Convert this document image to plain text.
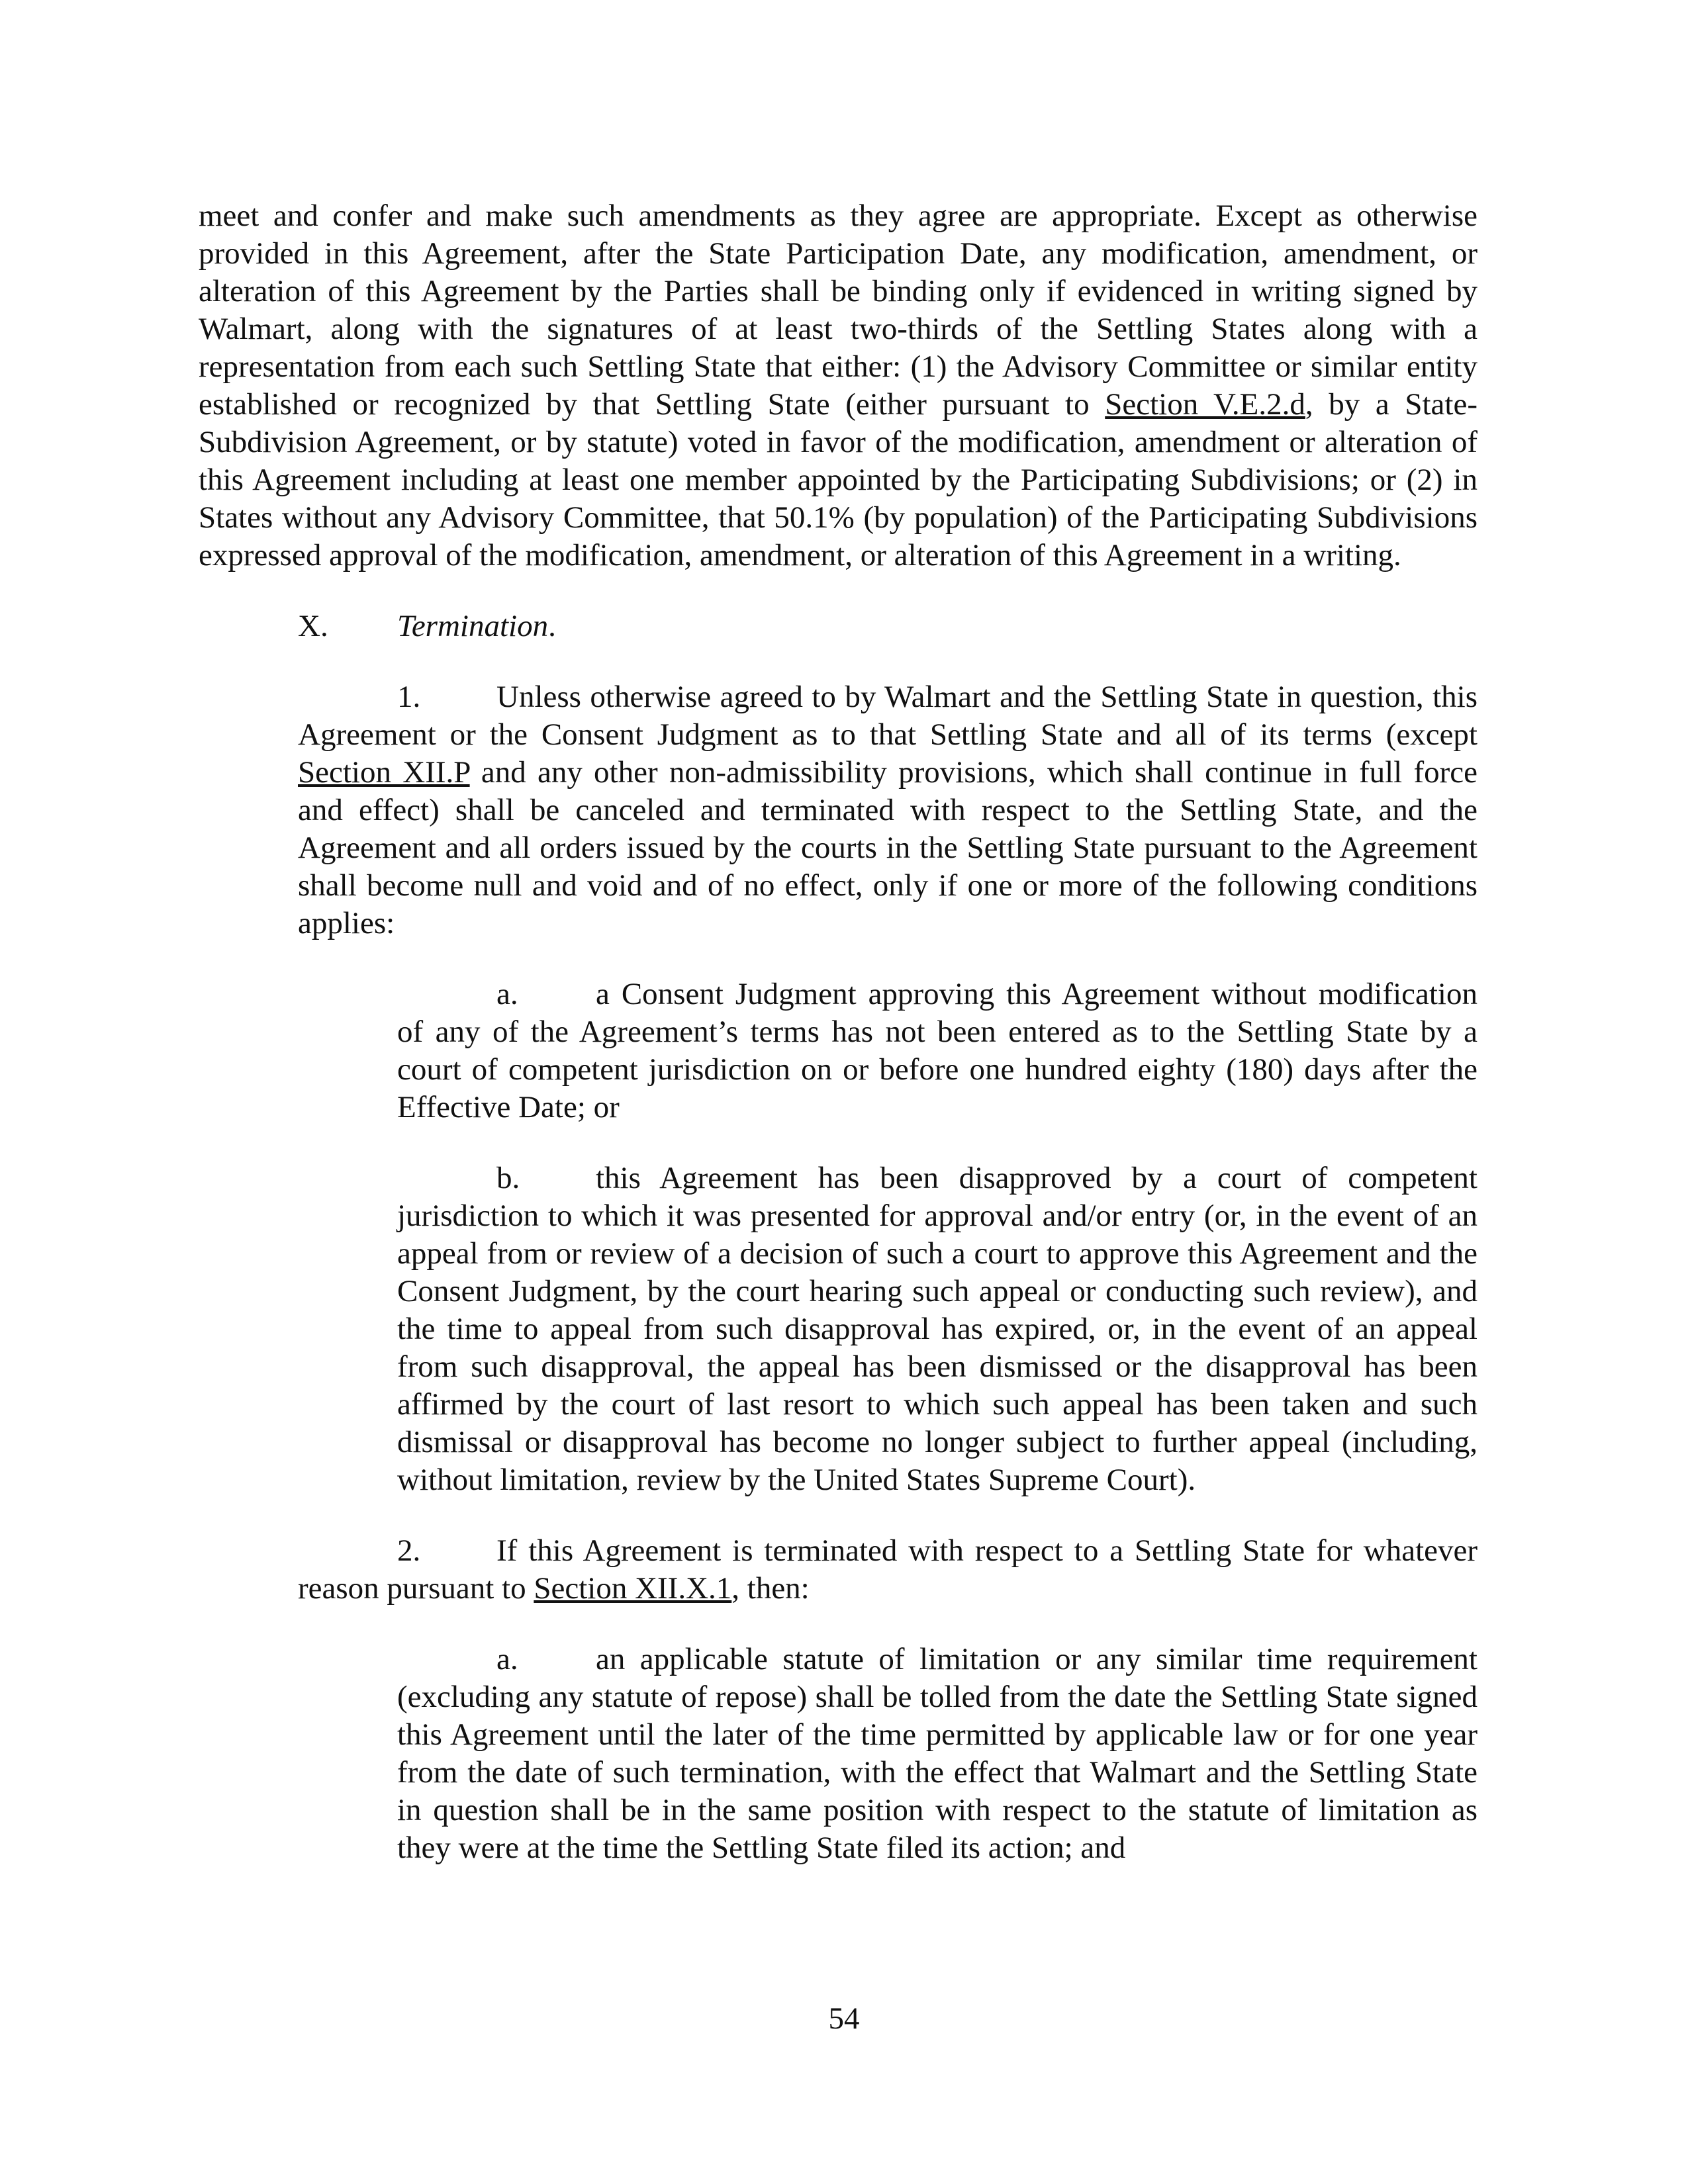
meet and confer and make such amendments as they agree are appropriate. Except as otherwise provided in this Agreement, after the State Participation Date, any modification, amendment, or alteration of this Agreement by the Parties shall be binding only if evidenced in writing signed by Walmart, along with the signatures of at least two-thirds of the Settling States along with a representation from each such Settling State that either: (1) the Advisory Committee or similar entity established or recognized by that Settling State (either pursuant to Section V.E.2.d, by a State-Subdivision Agreement, or by statute) voted in favor of the modification, amendment or alteration of this Agreement including at least one member appointed by the Participating Subdivisions; or (2) in States without any Advisory Committee, that 50.1% (by population) of the Participating Subdivisions expressed approval of the modification, amendment, or alteration of this Agreement in a writing.

X. Termination.

1. Unless otherwise agreed to by Walmart and the Settling State in question, this Agreement or the Consent Judgment as to that Settling State and all of its terms (except Section XII.P and any other non-admissibility provisions, which shall continue in full force and effect) shall be canceled and terminated with respect to the Settling State, and the Agreement and all orders issued by the courts in the Settling State pursuant to the Agreement shall become null and void and of no effect, only if one or more of the following conditions applies:

a. a Consent Judgment approving this Agreement without modification of any of the Agreement’s terms has not been entered as to the Settling State by a court of competent jurisdiction on or before one hundred eighty (180) days after the Effective Date; or

b. this Agreement has been disapproved by a court of competent jurisdiction to which it was presented for approval and/or entry (or, in the event of an appeal from or review of a decision of such a court to approve this Agreement and the Consent Judgment, by the court hearing such appeal or conducting such review), and the time to appeal from such disapproval has expired, or, in the event of an appeal from such disapproval, the appeal has been dismissed or the disapproval has been affirmed by the court of last resort to which such appeal has been taken and such dismissal or disapproval has become no longer subject to further appeal (including, without limitation, review by the United States Supreme Court).

2. If this Agreement is terminated with respect to a Settling State for whatever reason pursuant to Section XII.X.1, then:

a. an applicable statute of limitation or any similar time requirement (excluding any statute of repose) shall be tolled from the date the Settling State signed this Agreement until the later of the time permitted by applicable law or for one year from the date of such termination, with the effect that Walmart and the Settling State in question shall be in the same position with respect to the statute of limitation as they were at the time the Settling State filed its action; and

54
